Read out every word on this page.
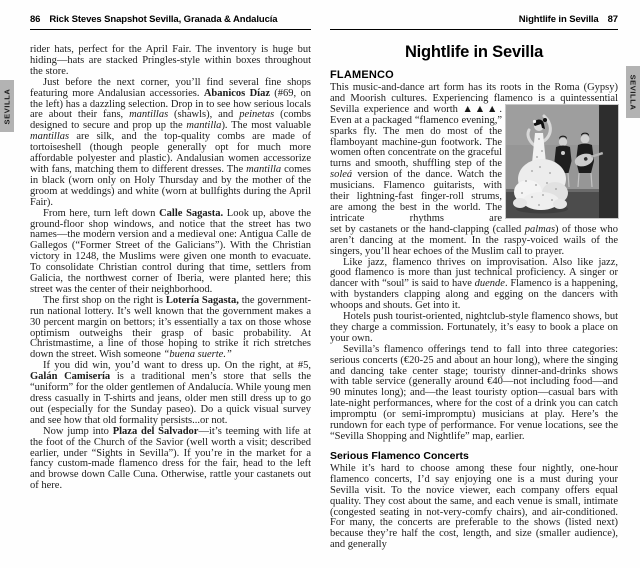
SEVILLA	SEVILLA
86 Rick Steves Snapshot Sevilla, Granada & Andalucía

rider hats, perfect for the April Fair. The inventory is huge but hiding—hats are stacked Pringles-style within boxes throughout the store.

Just before the next corner, you’ll find several fine shops featuring more Andalusian accessories. Abanicos Díaz (#69, on the left) has a dazzling selection. Drop in to see how serious locals are about their fans, mantillas (shawls), and peinetas (combs designed to secure and prop up the mantilla). The most valuable mantillas are silk, and the top-quality combs are made of tortoiseshell (though people generally opt for much more affordable polyester and plastic). Andalusian women accessorize with fans, matching them to different dresses. The mantilla comes in black (worn only on Holy Thursday and by the mother of the groom at weddings) and white (worn at bullfights during the April Fair).

From here, turn left down Calle Sagasta. Look up, above the ground-floor shop windows, and notice that the street has two names—the modern version and a medieval one: Antigua Calle de Gallegos (“Former Street of the Galicians”). With the Christian victory in 1248, the Muslims were given one month to evacuate. To consolidate Christian control during that time, settlers from Galicia, the northwest corner of Iberia, were planted here; this street was the center of their neighborhood.

The first shop on the right is Lotería Sagasta, the government-run national lottery. It’s well known that the government makes a 30 percent margin on bettors; it’s essentially a tax on those whose optimism outweighs their grasp of basic probability. At Christmastime, a line of those hoping to strike it rich stretches down the street. Wish someone “buena suerte.”

If you did win, you’d want to dress up. On the right, at #5, Galán Camisería is a traditional men’s store that sells the “uniform” for the older gentlemen of Andalucía. While young men dress casually in T-shirts and jeans, older men still dress up to go out (especially for the Sunday paseo). Do a quick visual survey and see how that old formality persists...or not.

Now jump into Plaza del Salvador—it’s teeming with life at the foot of the Church of the Savior (well worth a visit; described earlier, under “Sights in Sevilla”). If you’re in the market for a fancy custom-made flamenco dress for the fair, head to the left and browse down Calle Cuna. Otherwise, rattle your castanets out of here.

Nightlife in Sevilla 87
Nightlife in Sevilla
FLAMENCO
This music-and-dance art form has its roots in the Roma (Gypsy) and Moorish cultures. Experiencing flamenco is a quintessential
Sevilla experience and worth ▲▲▲. Even at a packaged “flamenco evening,” sparks fly. The men do most of the flamboyant machine-gun footwork. The women often concentrate on the graceful turns and smooth, shuffling step of the soleá version of the dance. Watch the musicians. Flamenco guitarists, with their lightning-fast finger-roll strums, are among the best in the world. The intricate rhythms are
set by castanets or the hand-clapping (called palmas) of those who aren’t dancing at the moment. In the raspy-voiced wails of the singers, you’ll hear echoes of the Muslim call to prayer.

Like jazz, flamenco thrives on improvisation. Also like jazz, good flamenco is more than just technical proficiency. A singer or dancer with “soul” is said to have duende. Flamenco is a happening, with bystanders clapping along and egging on the dancers with whoops and shouts. Get into it.

Hotels push tourist-oriented, nightclub-style flamenco shows, but they charge a commission. Fortunately, it’s easy to book a place on your own.

Sevilla’s flamenco offerings tend to fall into three categories: serious concerts (€20-25 and about an hour long), where the singing and dancing take center stage; touristy dinner-and-drinks shows with table service (generally around €40—not including food—and 90 minutes long); and—the least touristy option—casual bars with late-night performances, where for the cost of a drink you can catch impromptu (or semi-impromptu) musicians at play. Here’s the rundown for each type of performance. For venue locations, see the “Sevilla Shopping and Nightlife” map, earlier.

Serious Flamenco Concerts

While it’s hard to choose among these four nightly, one-hour flamenco concerts, I’d say enjoying one is a must during your Sevilla visit. To the novice viewer, each company offers equal quality. They cost about the same, and each venue is small, intimate (congested seating in not-very-comfy chairs), and air-conditioned. For many, the concerts are preferable to the shows (listed next) because they’re half the cost, length, and size (smaller audience), and generally
